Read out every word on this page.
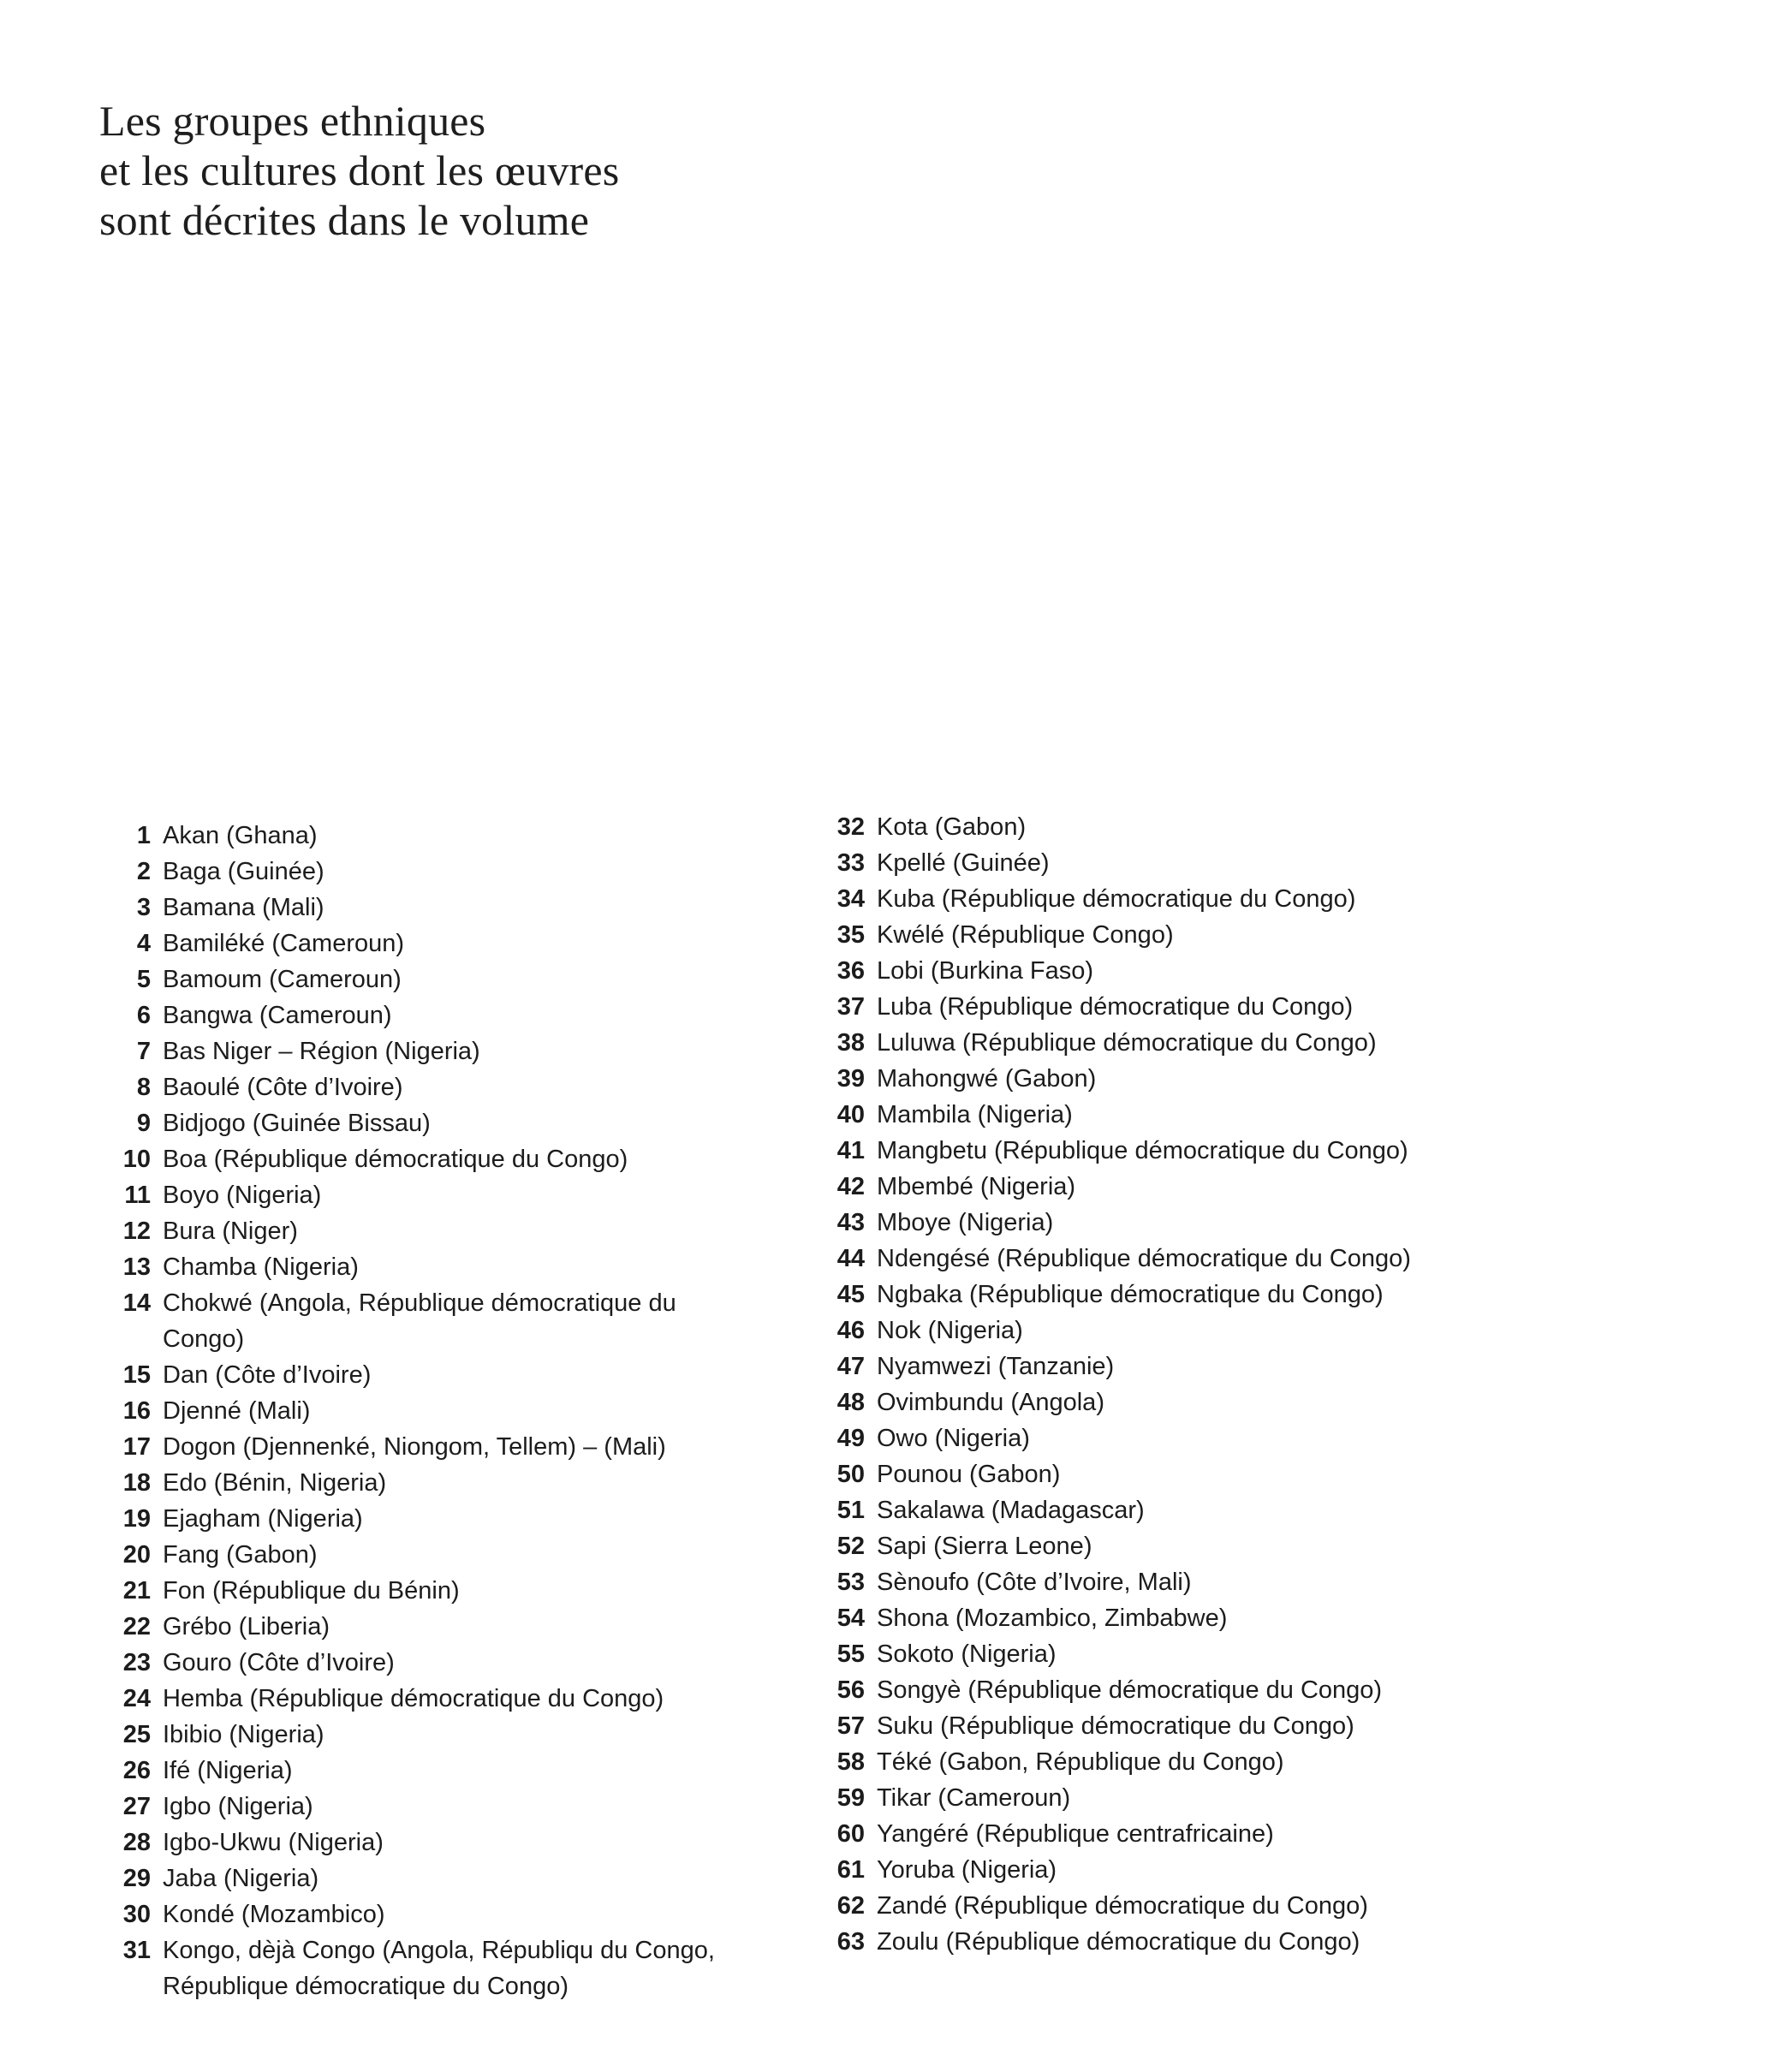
Les groupes ethniques
et les cultures dont les œuvres
sont décrites dans le volume
1 Akan (Ghana)
2 Baga (Guinée)
3 Bamana (Mali)
4 Bamiléké (Cameroun)
5 Bamoum (Cameroun)
6 Bangwa (Cameroun)
7 Bas Niger – Région (Nigeria)
8 Baoulé (Côte d’Ivoire)
9 Bidjogo (Guinée Bissau)
10 Boa (République démocratique du Congo)
11 Boyo (Nigeria)
12 Bura (Niger)
13 Chamba (Nigeria)
14 Chokwé (Angola, République démocratique du Congo)
15 Dan (Côte d’Ivoire)
16 Djenné (Mali)
17 Dogon (Djennenké, Niongom, Tellem) – (Mali)
18 Edo (Bénin, Nigeria)
19 Ejagham (Nigeria)
20 Fang (Gabon)
21 Fon (République du Bénin)
22 Grébo (Liberia)
23 Gouro (Côte d’Ivoire)
24 Hemba (République démocratique du Congo)
25 Ibibio (Nigeria)
26 Ifé (Nigeria)
27 Igbo (Nigeria)
28 Igbo-Ukwu (Nigeria)
29 Jaba (Nigeria)
30 Kondé (Mozambico)
31 Kongo, dèjà Congo (Angola, Républiqu du Congo, République démocratique du Congo)
32 Kota (Gabon)
33 Kpellé (Guinée)
34 Kuba (République démocratique du Congo)
35 Kwélé (République Congo)
36 Lobi (Burkina Faso)
37 Luba (République démocratique du Congo)
38 Luluwa (République démocratique du Congo)
39 Mahongwé (Gabon)
40 Mambila (Nigeria)
41 Mangbetu (République démocratique du Congo)
42 Mbembé (Nigeria)
43 Mboye (Nigeria)
44 Ndengésé (République démocratique du Congo)
45 Ngbaka (République démocratique du Congo)
46 Nok (Nigeria)
47 Nyamwezi (Tanzanie)
48 Ovimbundu (Angola)
49 Owo (Nigeria)
50 Pounou (Gabon)
51 Sakalawa (Madagascar)
52 Sapi (Sierra Leone)
53 Sènoufo (Côte d’Ivoire, Mali)
54 Shona (Mozambico, Zimbabwe)
55 Sokoto (Nigeria)
56 Songyè (République démocratique du Congo)
57 Suku (République démocratique du Congo)
58 Téké (Gabon, République du Congo)
59 Tikar (Cameroun)
60 Yangéré (République centrafricaine)
61 Yoruba (Nigeria)
62 Zandé (République démocratique du Congo)
63 Zoulu (République démocratique du Congo)
